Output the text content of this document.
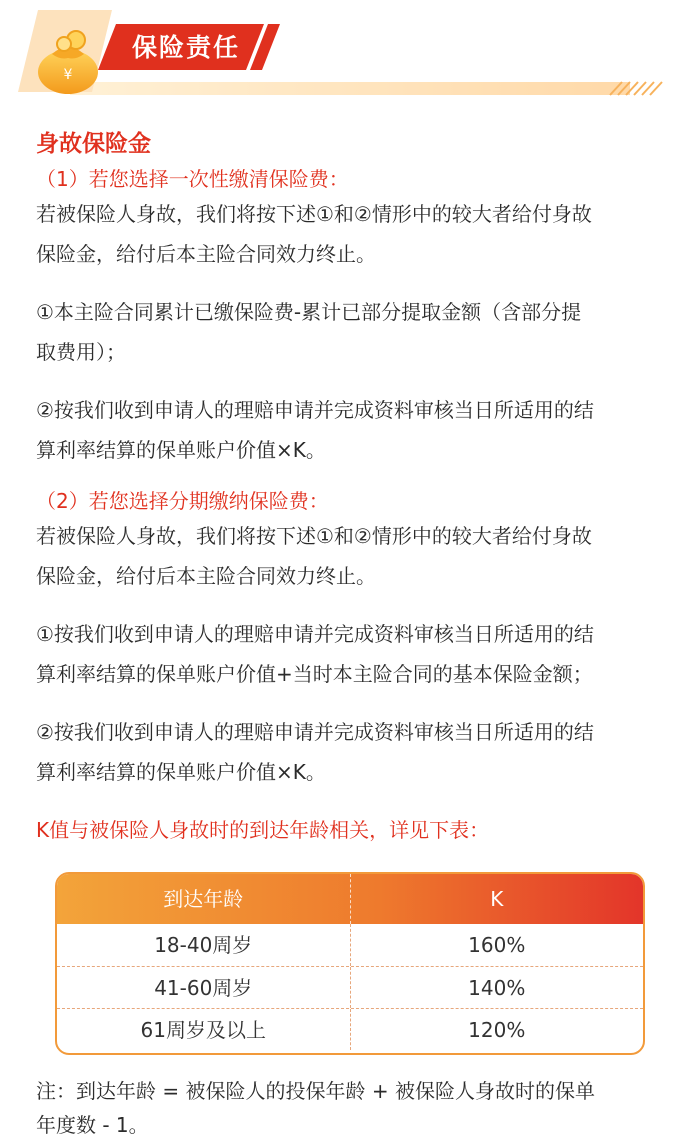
¥
保险责任
身故保险金
（1）若您选择一次性缴清保险费：
若被保险人身故，我们将按下述①和②情形中的较大者给付身故
保险金，给付后本主险合同效力终止。
①本主险合同累计已缴保险费-累计已部分提取金额（含部分提
取费用）；
②按我们收到申请人的理赔申请并完成资料审核当日所适用的结
算利率结算的保单账户价值×K。
（2）若您选择分期缴纳保险费：
若被保险人身故，我们将按下述①和②情形中的较大者给付身故
保险金，给付后本主险合同效力终止。
①按我们收到申请人的理赔申请并完成资料审核当日所适用的结
算利率结算的保单账户价值+当时本主险合同的基本保险金额；
②按我们收到申请人的理赔申请并完成资料审核当日所适用的结
算利率结算的保单账户价值×K。
K值与被保险人身故时的到达年龄相关，详见下表：
到达年龄	K
18-40周岁	160%
41-60周岁	140%
61周岁及以上	120%
注：到达年龄 = 被保险人的投保年龄 + 被保险人身故时的保单
年度数 - 1。
